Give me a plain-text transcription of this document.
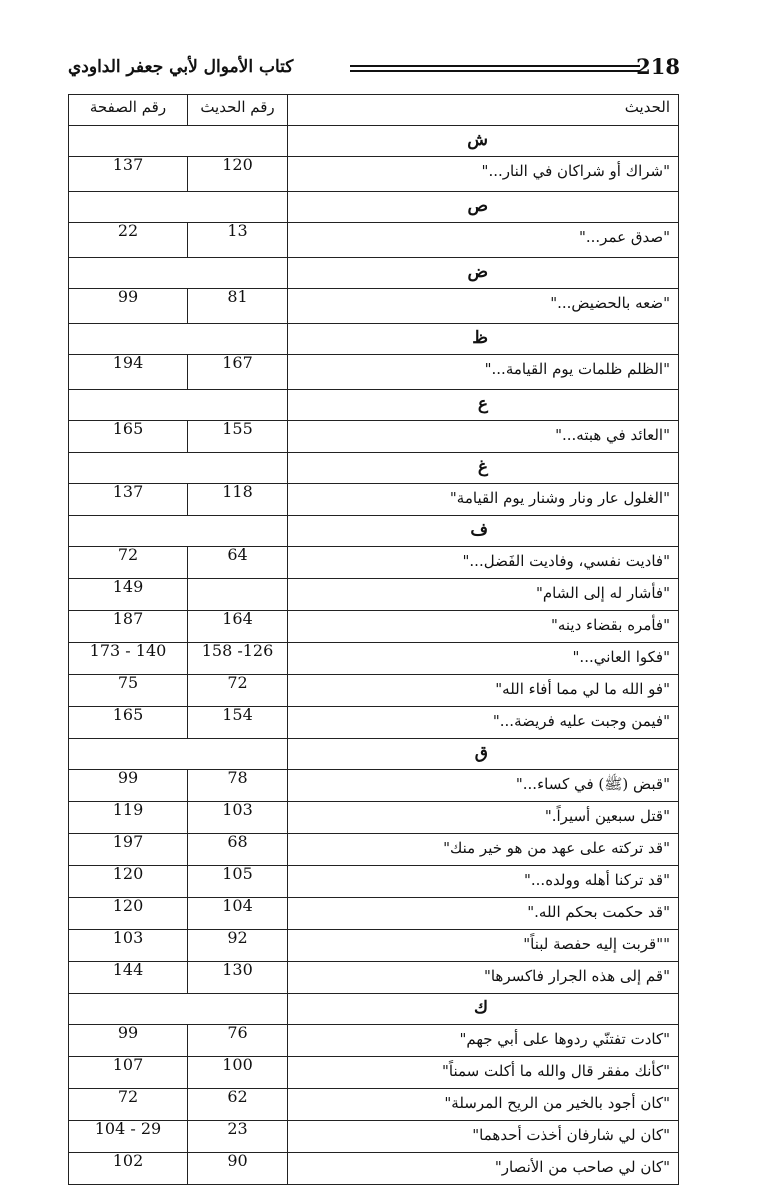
كتاب الأموال لأبي جعفر الداودي	218
رقم الصفحة	رقم الحديث	الحديث
		ش
137	120	"شراك أو شراكان في النار..."
		ص
22	13	"صدق عمر..."
		ض
99	81	"ضعه بالحضيض..."
		ظ
194	167	"الظلم ظلمات يوم القيامة..."
		ع
165	155	"العائد في هبته..."
		غ
137	118	"الغلول عار ونار وشنار يوم القيامة"
		ف
72	64	"فاديت نفسي، وفاديت الفَضل..."
149		"فأشار له إلى الشام"
187	164	"فأمره بقضاء دينه"
173 - 140	158 -126	"فكوا العاني..."
75	72	"فو الله ما لي مما أفاء الله"
165	154	"فيمن وجبت عليه فريضة..."
		ق
99	78	"قبض (ﷺ) في كساء..."
119	103	"قتل سبعين أسيراً."
197	68	"قد تركته على عهد من هو خير منك"
120	105	"قد تركنا أهله وولده..."
120	104	"قد حكمت بحكم الله."
103	92	""قربت إليه حفصة لبناً"
144	130	"قم إلى هذه الجرار فاكسرها"
		ك
99	76	"كادت تفتنّي ردوها على أبي جهم"
107	100	"كأنك مفقر قال والله ما أكلت سمناً"
72	62	"كان أجود بالخير من الريح المرسلة"
104 - 29	23	"كان لي شارفان أخذت أحدهما"
102	90	"كان لي صاحب من الأنصار"
